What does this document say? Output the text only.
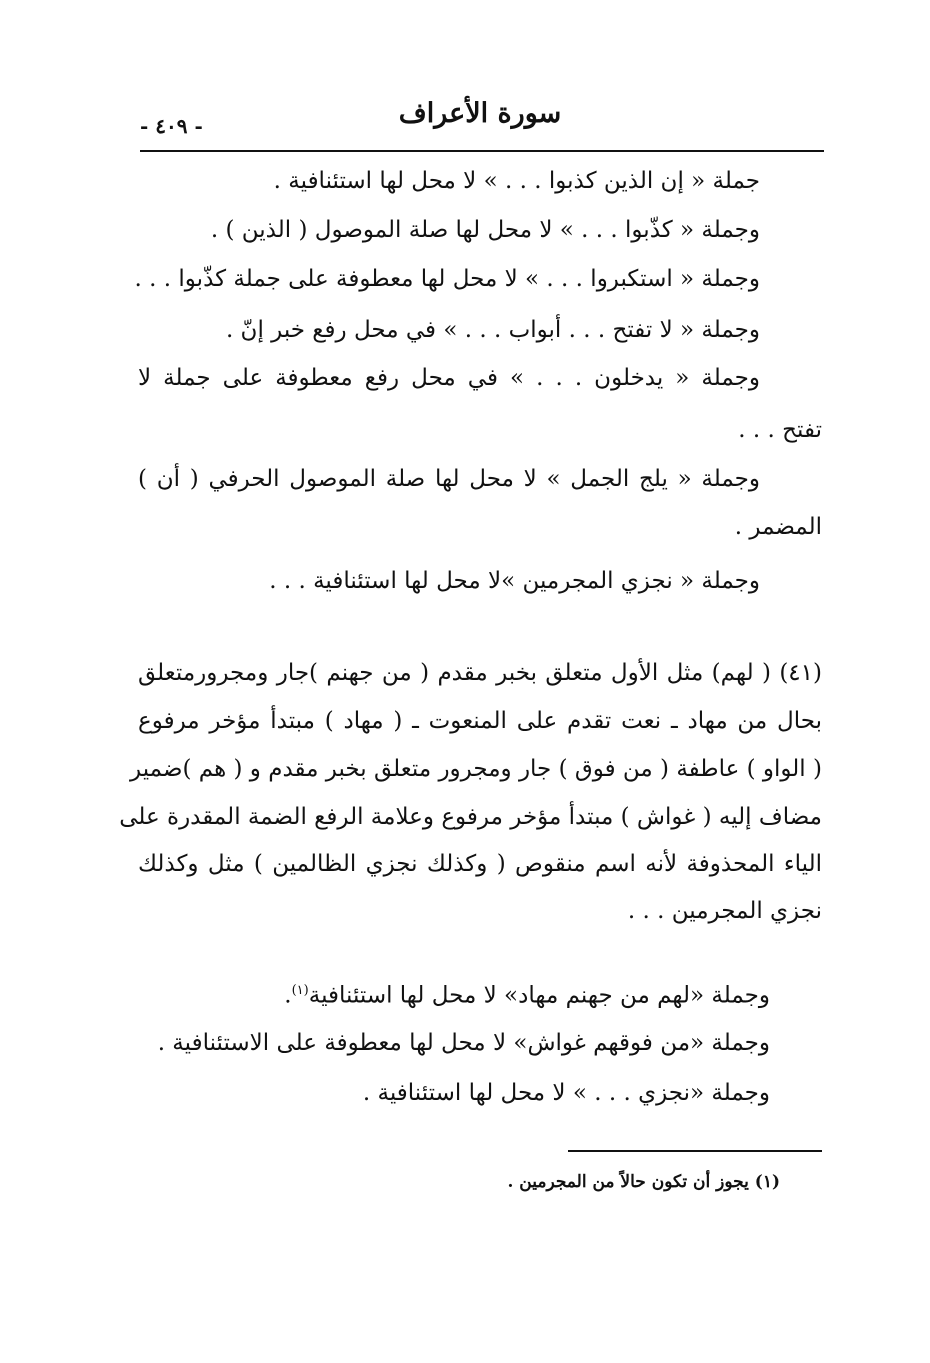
سورة الأعراف
- ٤٠٩ -
جملة « إن الذين كذبوا . . . » لا محل لها استئنافية .
وجملة « كذّبوا . . . » لا محل لها صلة الموصول ( الذين ) .
وجملة « استكبروا . . . » لا محل لها معطوفة على جملة كذّبوا . . .
وجملة « لا تفتح . . . أبواب . . . » في محل رفع خبر إنّ .
وجملة « يدخلون . . . » في محل رفع معطوفة على جملة لا
تفتح . . .
وجملة « يلج الجمل » لا محل لها صلة الموصول الحرفي ( أن )
المضمر .
وجملة « نجزي المجرمين »لا محل لها استئنافية . . .
(٤١) ( لهم) مثل الأول متعلق بخبر مقدم ( من جهنم )جار ومجرورمتعلق
بحال من مهاد ـ نعت تقدم على المنعوت ـ ( مهاد ) مبتدأ مؤخر مرفوع
( الواو ) عاطفة ( من فوق ) جار ومجرور متعلق بخبر مقدم و ( هم )ضمير
مضاف إليه ( غواش ) مبتدأ مؤخر مرفوع وعلامة الرفع الضمة المقدرة على
الياء المحذوفة لأنه اسم منقوص ( وكذلك نجزي الظالمين ) مثل وكذلك
نجزي المجرمين . . .
وجملة «لهم من جهنم مهاد» لا محل لها استئنافية$^{(١)}$.
وجملة «من فوقهم غواش» لا محل لها معطوفة على الاستئنافية .
وجملة «نجزي . . . » لا محل لها استئنافية .
(١) يجوز أن تكون حالاً من المجرمين .
